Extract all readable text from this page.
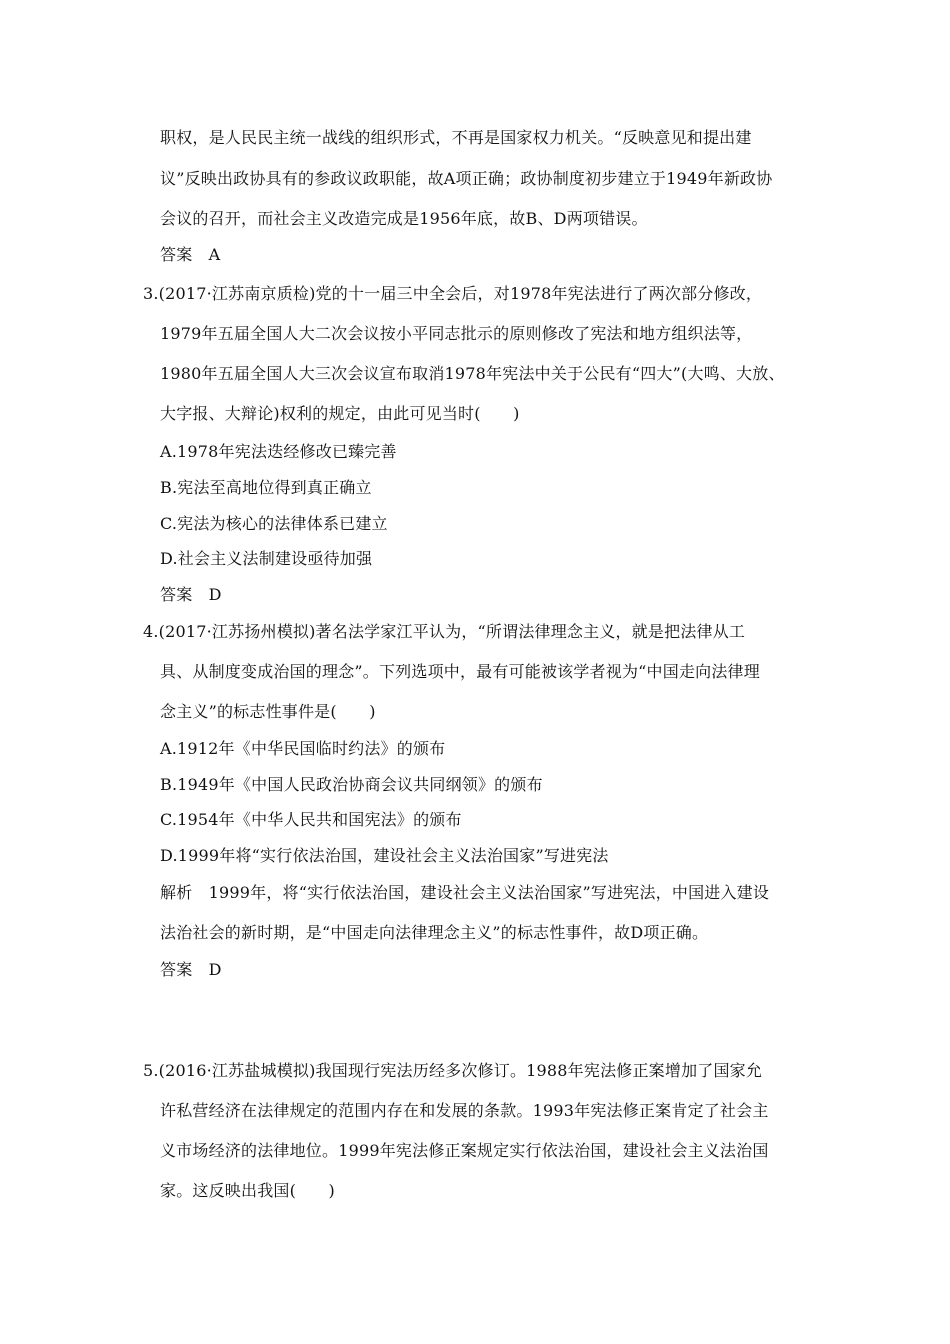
职权，是人民民主统一战线的组织形式，不再是国家权力机关。“反映意见和提出建
议”反映出政协具有的参政议政职能，故A项正确；政协制度初步建立于1949年新政协
会议的召开，而社会主义改造完成是1956年底，故B、D两项错误。
答案　A
3.(2017·江苏南京质检)党的十一届三中全会后，对1978年宪法进行了两次部分修改，
1979年五届全国人大二次会议按小平同志批示的原则修改了宪法和地方组织法等，
1980年五届全国人大三次会议宣布取消1978年宪法中关于公民有“四大”(大鸣、大放、
大字报、大辩论)权利的规定，由此可见当时(　　)
A.1978年宪法迭经修改已臻完善
B.宪法至高地位得到真正确立
C.宪法为核心的法律体系已建立
D.社会主义法制建设亟待加强
答案　D
4.(2017·江苏扬州模拟)著名法学家江平认为，“所谓法律理念主义，就是把法律从工
具、从制度变成治国的理念”。下列选项中，最有可能被该学者视为“中国走向法律理
念主义”的标志性事件是(　　)
A.1912年《中华民国临时约法》的颁布
B.1949年《中国人民政治协商会议共同纲领》的颁布
C.1954年《中华人民共和国宪法》的颁布
D.1999年将“实行依法治国，建设社会主义法治国家”写进宪法
解析　1999年，将“实行依法治国，建设社会主义法治国家”写进宪法，中国进入建设
法治社会的新时期，是“中国走向法律理念主义”的标志性事件，故D项正确。
答案　D
5.(2016·江苏盐城模拟)我国现行宪法历经多次修订。1988年宪法修正案增加了国家允
许私营经济在法律规定的范围内存在和发展的条款。1993年宪法修正案肯定了社会主
义市场经济的法律地位。1999年宪法修正案规定实行依法治国，建设社会主义法治国
家。这反映出我国(　　)
